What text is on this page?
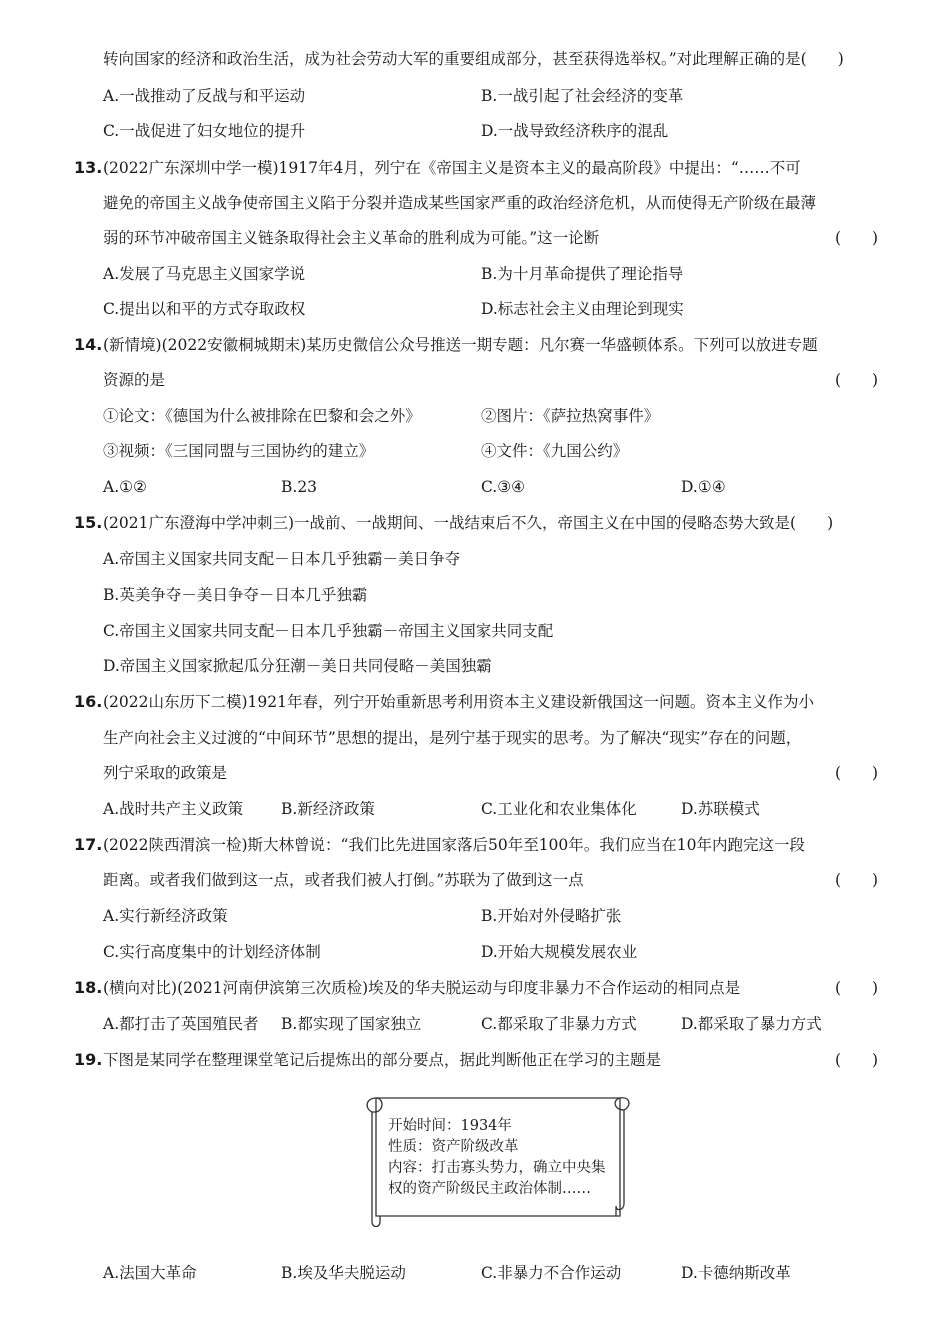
转向国家的经济和政治生活，成为社会劳动大军的重要组成部分，甚至获得选举权。”对此理解正确的是(　　)
A.一战推动了反战与和平运动	B.一战引起了社会经济的变革
C.一战促进了妇女地位的提升	D.一战导致经济秩序的混乱
13. (2022广东深圳中学一模)1917年4月，列宁在《帝国主义是资本主义的最高阶段》中提出：“……不可
避免的帝国主义战争使帝国主义陷于分裂并造成某些国家严重的政治经济危机，从而使得无产阶级在最薄
弱的环节冲破帝国主义链条取得社会主义革命的胜利成为可能。”这一论断	(　　)
A.发展了马克思主义国家学说	B.为十月革命提供了理论指导
C.提出以和平的方式夺取政权	D.标志社会主义由理论到现实
14. (新情境)(2022安徽桐城期末)某历史微信公众号推送一期专题：凡尔赛一华盛顿体系。下列可以放进专题
资源的是	(　　)
①论文：《德国为什么被排除在巴黎和会之外》	②图片：《萨拉热窝事件》
③视频：《三国同盟与三国协约的建立》	④文件：《九国公约》
A.①②	B.23	C.③④	D.①④
15. (2021广东澄海中学冲刺三)一战前、一战期间、一战结束后不久，帝国主义在中国的侵略态势大致是(　　)
A.帝国主义国家共同支配－日本几乎独霸－美日争夺
B.英美争夺－美日争夺－日本几乎独霸
C.帝国主义国家共同支配－日本几乎独霸－帝国主义国家共同支配
D.帝国主义国家掀起瓜分狂潮－美日共同侵略－美国独霸
16. (2022山东历下二模)1921年春，列宁开始重新思考利用资本主义建设新俄国这一问题。资本主义作为小
生产向社会主义过渡的“中间环节”思想的提出，是列宁基于现实的思考。为了解决“现实”存在的问题，
列宁采取的政策是	(　　)
A.战时共产主义政策 B.新经济政策	C.工业化和农业集体化	D.苏联模式
17. (2022陕西渭滨一检)斯大林曾说：“我们比先进国家落后50年至100年。我们应当在10年内跑完这一段
距离。或者我们做到这一点，或者我们被人打倒。”苏联为了做到这一点	(　　)
A.实行新经济政策	B.开始对外侵略扩张
C.实行高度集中的计划经济体制	D.开始大规模发展农业
18. (横向对比)(2021河南伊滨第三次质检)埃及的华夫脱运动与印度非暴力不合作运动的相同点是	(　　)
A.都打击了英国殖民者 B.都实现了国家独立	C.都采取了非暴力方式	D.都采取了暴力方式
19. 下图是某同学在整理课堂笔记后提炼出的部分要点，据此判断他正在学习的主题是	(　　)
开始时间：1934年
性质：资产阶级改革
内容：打击寡头势力，确立中央集
权的资产阶级民主政治体制……
A.法国大革命	B.埃及华夫脱运动	C.非暴力不合作运动	D.卡德纳斯改革
